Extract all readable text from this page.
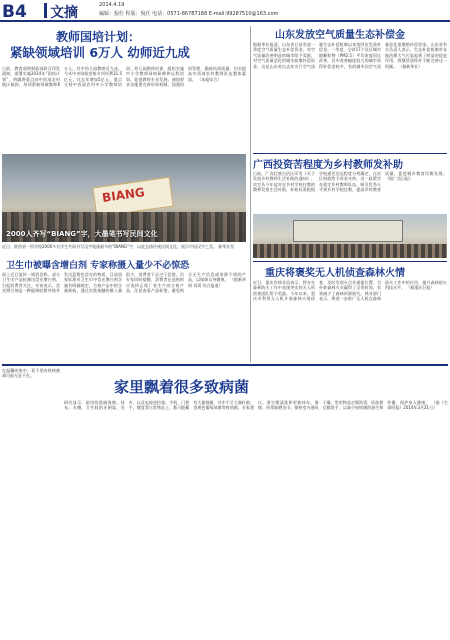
B4 文摘	2014.4.19
编辑：倪仕 程版：倪仕 电话：0571-86787188 E-mail:99287510@163.com
教师国培计划：
紧缺领域培训 6万人 幼师近九成
日前，教育部和财政部联合印发通知，部署实施2014年“国培计划”，明确将重点向中西部农村地区倾斜，培训紧缺领域教师6万人，其中幼儿园教师近九成。今年中央财政安排专项经费21.5亿元，比去年增加5亿元，重点支持中西部农村中小学教师培训、幼儿园教师培训，组织实施中小学教师网络研修和远程培训，促进教师专业发展。通知要求各地要完善培训机制，加强培训管理，确保培训质量，切实提高中西部农村教师队伍整体素质。 （本报综合）
BIANG
2000人齐写“BIANG”字，大墨笔书写民间文化
近日，陕西省一所学校2000多名学生共同书写汉字笔画最多的“BIANG”字，以此弘扬传统民间文化，展示中国汉字之美。 新华社发
卫生巾被曝含增白剂 专家称摄入量少不必惊恐
网上近日流传一则消息称，部分卫生巾产品检测出荧光增白剂，引起消费者关注。专家表示，荧光增白剂是一种能吸收紫外线并发出蓝紫色荧光的物质，目前国家标准对卫生巾中荧光增白剂含量有明确规定，合格产品中的含量极低，通过皮肤接触的摄入量很少，消费者不必过于恐慌。但专家同时提醒，消费者在选购时应选择正规厂家生产的合格产品，注意查看产品标签，避免购买无生产信息或来源不明的产品，以保障自身健康。 （据新华网 刘玥 综合报道）
山东发放空气质量生态补偿金
据新华社报道，山东省日前发放一季度空气质量生态补偿资金，对空气质量改善明显的城市给予奖励，对空气质量恶化的城市扣缴补偿资金。这是山东省自去年实行空气质量生态补偿机制以来第四次发放补偿金。一季度，全省17个设区城市细颗粒物（PM2.5）平均浓度同比改善，其中改善幅度较大的城市获得补偿金较多，有的城市因空气质量恶化需缴纳补偿资金。山东省有关负责人表示，生态补偿机制对各地治理大气污染起到了明显的促进作用，将继续坚持并不断完善这一机制。 （据新华社）
广西投资苦程度为乡村教师发补助
日前，广西壮族自治区印发《关于发放乡村教师生活补助的通知》，决定从今年起对在乡村学校任教的教师发放生活补助，补助标准根据学校艰苦边远程度分档确定，自治区财政给予资金支持。这一政策旨在稳定乡村教师队伍，吸引优秀人才到乡村学校任教，提高乡村教育质量，促进城乡教育均衡发展。 （据广西日报）
重庆将褒奖无人机侦查森林火情
近日，重庆市林业局表示，将对在森林防火工作中表现突出的无人机侦查团队给予奖励。今年以来，重庆市利用无人机开展森林火情侦查，及时发现火点并通报位置，为扑救森林火灾赢得了宝贵时间，有效减少了森林资源损失。林业部门表示，将进一步推广无人机在森林防火工作中的应用，提升森林防火科技水平。 （据重庆日报）
在温馨的家中，看不见的致病菌却可能无处不在。
家里飘着很多致病菌
研究显示，厨房的洗碗海绵、抹布、水槽，卫生间的牙刷架、毛巾，以及电视遥控器、手机、门把手、键盘等日常物品上，都可能藏有大量细菌，其中不乏大肠杆菌、金黄色葡萄球菌等致病菌。专家建议，要定期清洗和更换抹布、海绵，经常晾晒毛巾，保持室内通风干燥，常用物品定期消毒，饭前便后勤洗手，以减少致病菌的滋生和传播，保护家人健康。 （据《生命时报》2014年3月21日）
